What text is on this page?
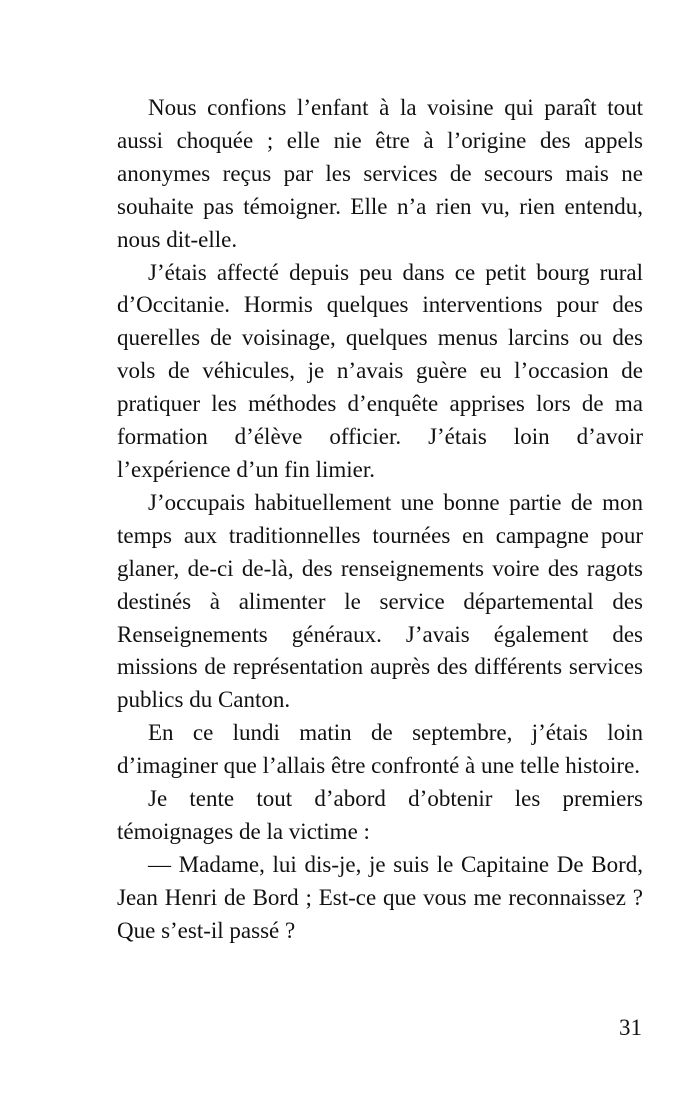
Nous confions l’enfant à la voisine qui paraît tout aussi choquée ; elle nie être à l’origine des appels anonymes reçus par les services de secours mais ne souhaite pas témoigner. Elle n’a rien vu, rien entendu, nous dit-elle.

J’étais affecté depuis peu dans ce petit bourg rural d’Occitanie. Hormis quelques interventions pour des querelles de voisinage, quelques menus larcins ou des vols de véhicules, je n’avais guère eu l’occasion de pratiquer les méthodes d’enquête apprises lors de ma formation d’élève officier. J’étais loin d’avoir l’expérience d’un fin limier.

J’occupais habituellement une bonne partie de mon temps aux traditionnelles tournées en campagne pour glaner, de-ci de-là, des renseignements voire des ragots destinés à alimenter le service départemental des Renseignements généraux. J’avais également des missions de représentation auprès des différents services publics du Canton.

En ce lundi matin de septembre, j’étais loin d’imaginer que l’allais être confronté à une telle histoire.

Je tente tout d’abord d’obtenir les premiers témoignages de la victime :

— Madame, lui dis-je, je suis le Capitaine De Bord, Jean Henri de Bord ; Est-ce que vous me reconnaissez ? Que s’est-il passé ?

31
